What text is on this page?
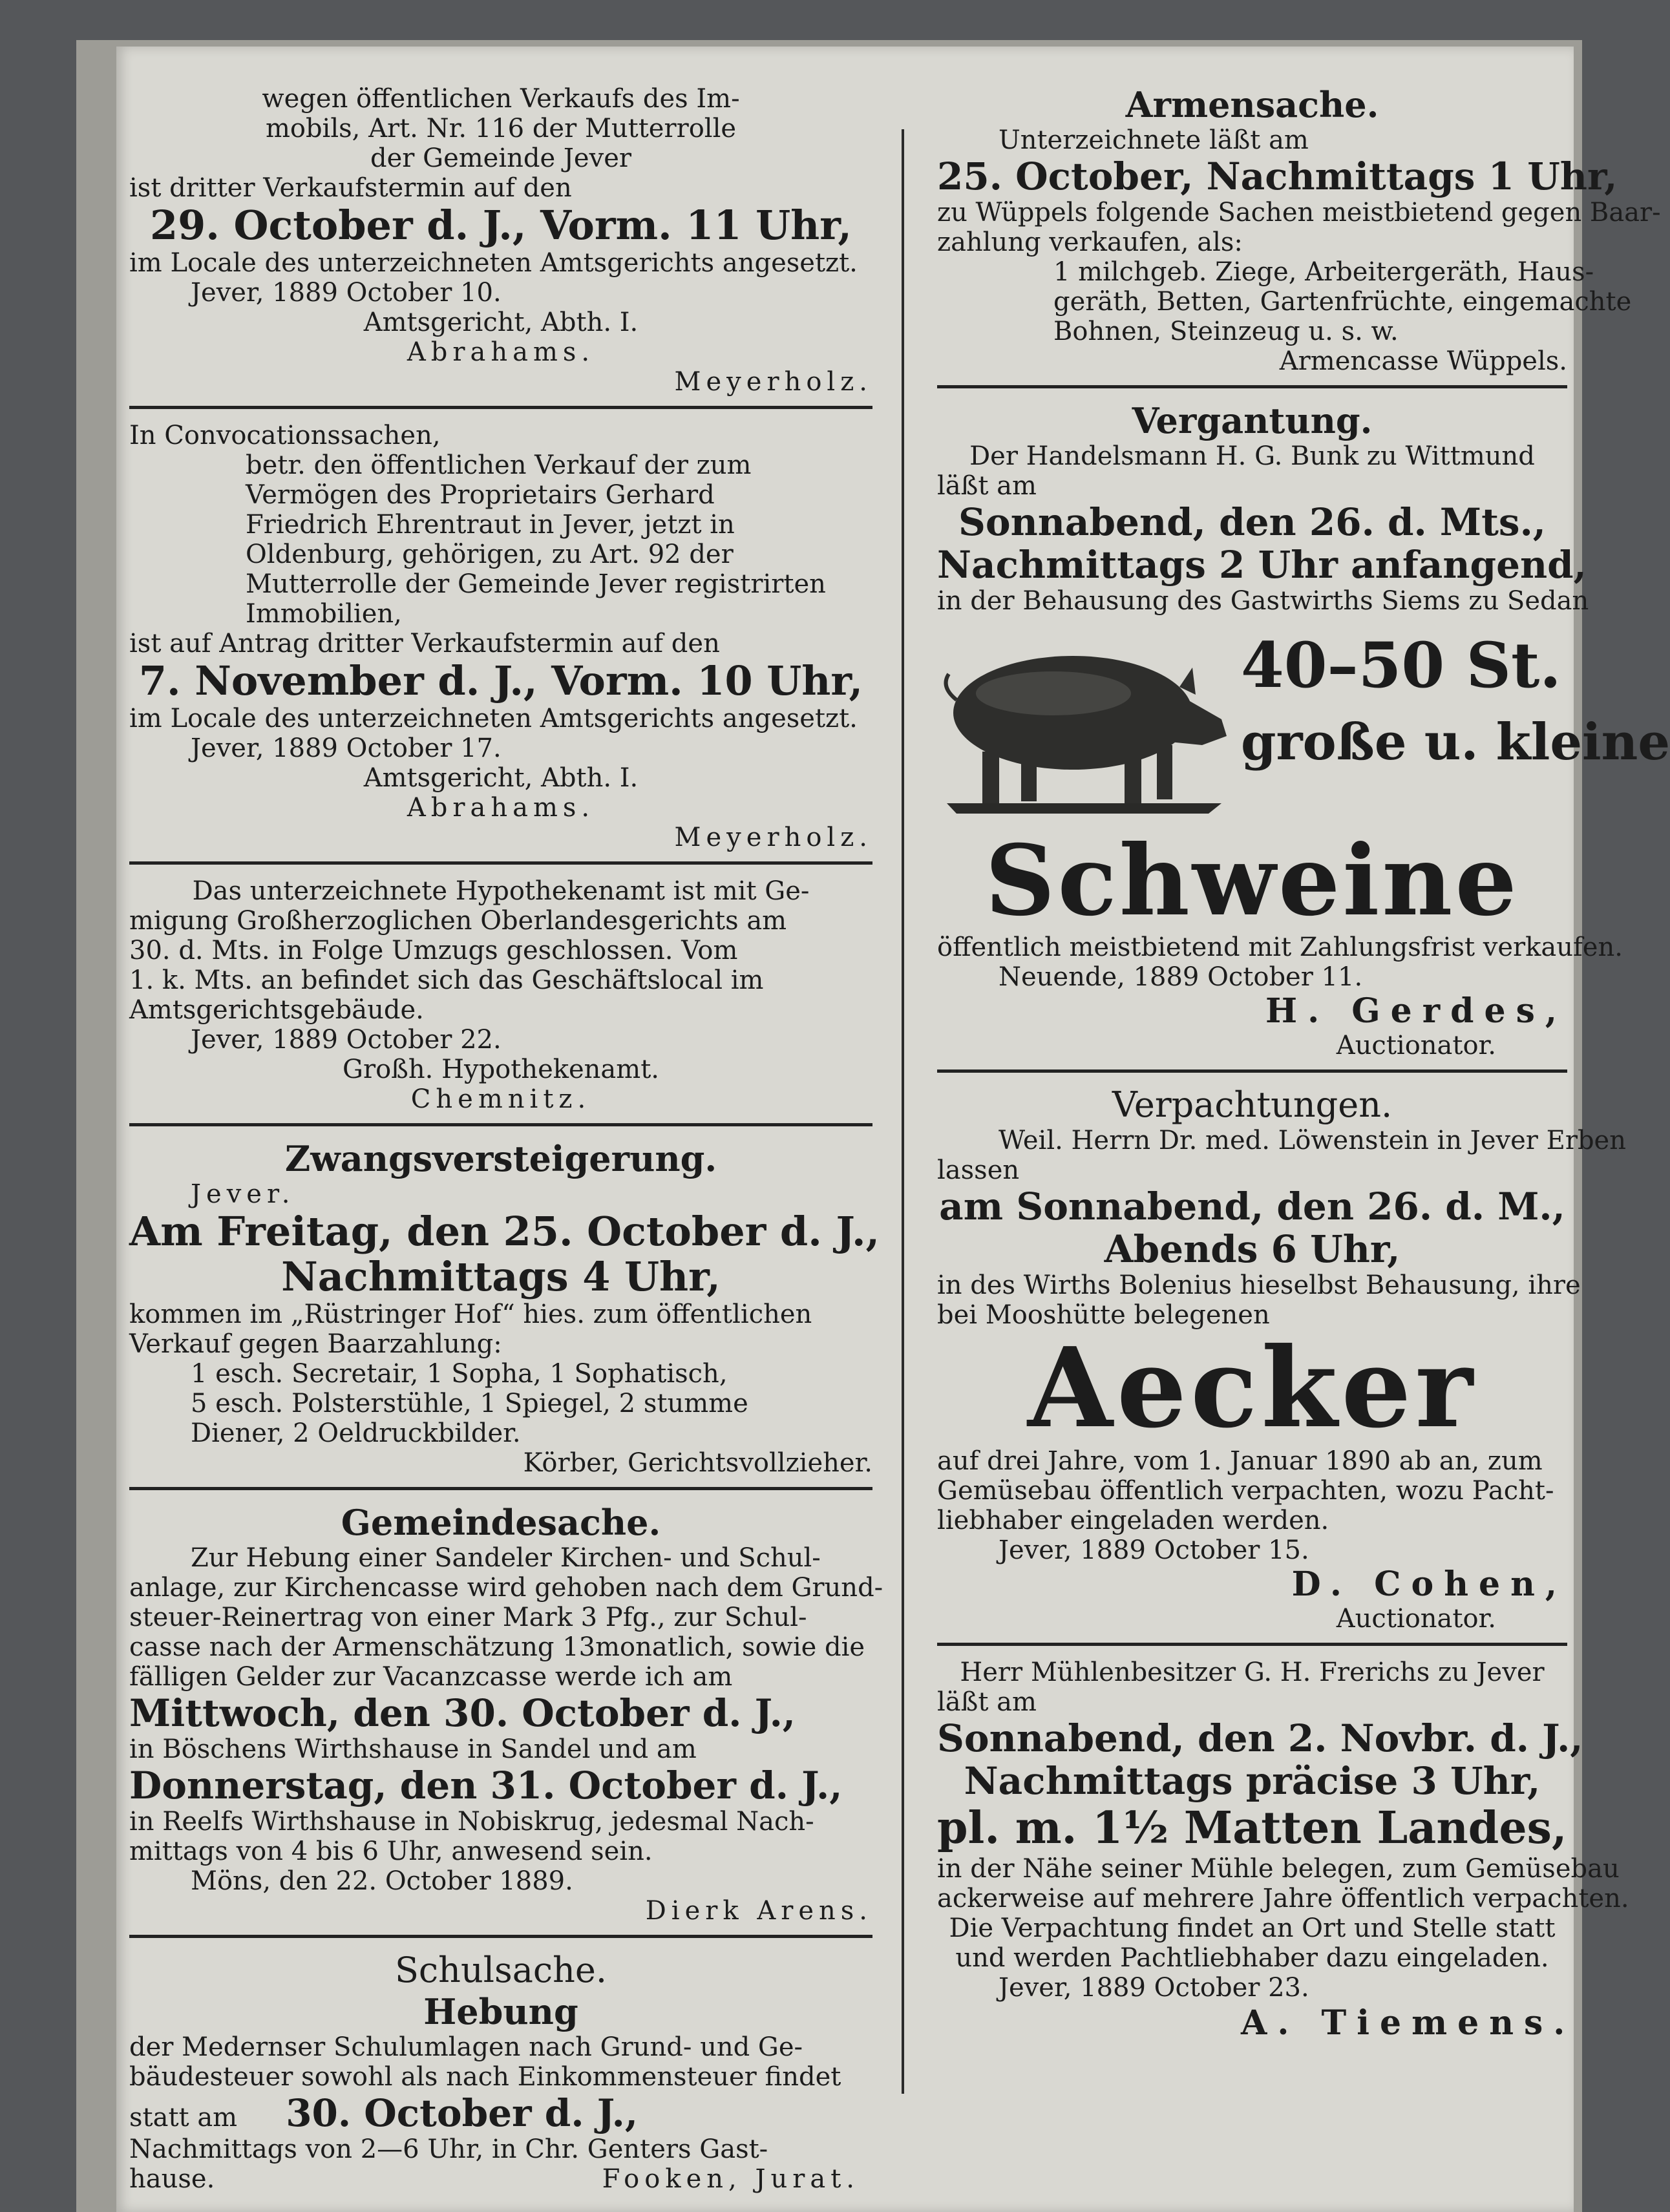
wegen öffentlichen Verkaufs des Im-
mobils, Art. Nr. 116 der Mutterrolle
der Gemeinde Jever
ist dritter Verkaufstermin auf den
29. October d. J., Vorm. 11 Uhr,
im Locale des unterzeichneten Amtsgerichts angesetzt.
Jever, 1889 October 10.
Amtsgericht, Abth. I.
Abrahams.
Meyerholz.
In Convocationssachen,
betr. den öffentlichen Verkauf der zum
Vermögen des Proprietairs Gerhard
Friedrich Ehrentraut in Jever, jetzt in
Oldenburg, gehörigen, zu Art. 92 der
Mutterrolle der Gemeinde Jever registrirten
Immobilien,
ist auf Antrag dritter Verkaufstermin auf den
7. November d. J., Vorm. 10 Uhr,
im Locale des unterzeichneten Amtsgerichts angesetzt.
Jever, 1889 October 17.
Amtsgericht, Abth. I.
Abrahams.
Meyerholz.
Das unterzeichnete Hypothekenamt ist mit Ge-
migung Großherzoglichen Oberlandesgerichts am
30. d. Mts. in Folge Umzugs geschlossen. Vom
1. k. Mts. an befindet sich das Geschäftslocal im
Amtsgerichtsgebäude.
Jever, 1889 October 22.
Großh. Hypothekenamt.
Chemnitz.
Zwangsversteigerung.
Jever.
Am Freitag, den 25. October d. J.,
Nachmittags 4 Uhr,
kommen im „Rüstringer Hof“ hies. zum öffentlichen
Verkauf gegen Baarzahlung:
1 esch. Secretair, 1 Sopha, 1 Sophatisch,
5 esch. Polsterstühle, 1 Spiegel, 2 stumme
Diener, 2 Oeldruckbilder.
Körber, Gerichtsvollzieher.
Gemeindesache.
Zur Hebung einer Sandeler Kirchen- und Schul-
anlage, zur Kirchencasse wird gehoben nach dem Grund-
steuer-Reinertrag von einer Mark 3 Pfg., zur Schul-
casse nach der Armenschätzung 13monatlich, sowie die
fälligen Gelder zur Vacanzcasse werde ich am
Mittwoch, den 30. October d. J.,
in Böschens Wirthshause in Sandel und am
Donnerstag, den 31. October d. J.,
in Reelfs Wirthshause in Nobiskrug, jedesmal Nach-
mittags von 4 bis 6 Uhr, anwesend sein.
Möns, den 22. October 1889.
Dierk Arens.
Schulsache.
Hebung
der Medernser Schulumlagen nach Grund- und Ge-
bäudesteuer sowohl als nach Einkommensteuer findet
statt am 30. October d. J.,
Nachmittags von 2—6 Uhr, in Chr. Genters Gast-
hause.	Fooken, Jurat.
Armensache.
Unterzeichnete läßt am
25. October, Nachmittags 1 Uhr,
zu Wüppels folgende Sachen meistbietend gegen Baar-
zahlung verkaufen, als:
1 milchgeb. Ziege, Arbeitergeräth, Haus-
geräth, Betten, Gartenfrüchte, eingemachte
Bohnen, Steinzeug u. s. w.
Armencasse Wüppels.
Vergantung.
Der Handelsmann H. G. Bunk zu Wittmund
läßt am
Sonnabend, den 26. d. Mts.,
Nachmittags 2 Uhr anfangend,
in der Behausung des Gastwirths Siems zu Sedan
40–50 St.
große u. kleine
Schweine
öffentlich meistbietend mit Zahlungsfrist verkaufen.
Neuende, 1889 October 11.
H. Gerdes,
Auctionator.
Verpachtungen.
Weil. Herrn Dr. med. Löwenstein in Jever Erben
lassen
am Sonnabend, den 26. d. M.,
Abends 6 Uhr,
in des Wirths Bolenius hieselbst Behausung, ihre
bei Mooshütte belegenen
Aecker
auf drei Jahre, vom 1. Januar 1890 ab an, zum
Gemüsebau öffentlich verpachten, wozu Pacht-
liebhaber eingeladen werden.
Jever, 1889 October 15.
D. Cohen,
Auctionator.
Herr Mühlenbesitzer G. H. Frerichs zu Jever
läßt am
Sonnabend, den 2. Novbr. d. J.,
Nachmittags präcise 3 Uhr,
pl. m. 1½ Matten Landes,
in der Nähe seiner Mühle belegen, zum Gemüsebau
ackerweise auf mehrere Jahre öffentlich verpachten.
Die Verpachtung findet an Ort und Stelle statt
und werden Pachtliebhaber dazu eingeladen.
Jever, 1889 October 23.
A. Tiemens.
